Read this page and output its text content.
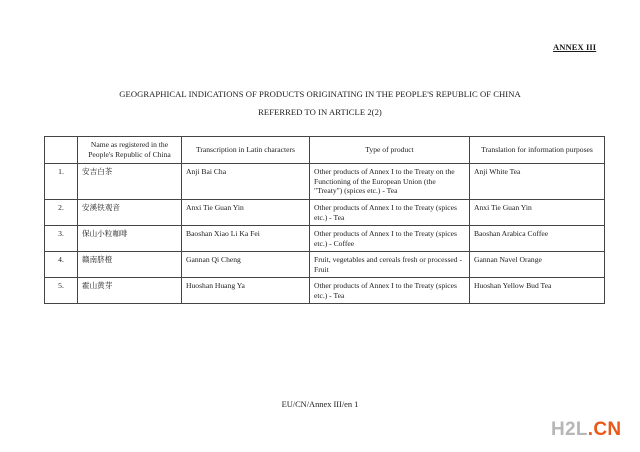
ANNEX III
GEOGRAPHICAL INDICATIONS OF PRODUCTS ORIGINATING IN THE PEOPLE'S REPUBLIC OF CHINA
REFERRED TO IN ARTICLE 2(2)
	Name as registered in the People's Republic of China	Transcription in Latin characters	Type of product	Translation for information purposes
1.	安吉白茶	Anji Bai Cha	Other products of Annex I to the Treaty on the Functioning of the European Union (the "Treaty") (spices etc.) - Tea	Anji White Tea
2.	安溪铁观音	Anxi Tie Guan Yin	Other products of Annex I to the Treaty (spices etc.) - Tea	Anxi Tie Guan Yin
3.	保山小粒咖啡	Baoshan Xiao Li Ka Fei	Other products of Annex I to the Treaty (spices etc.) - Coffee	Baoshan Arabica Coffee
4.	赣南脐橙	Gannan Qi Cheng	Fruit, vegetables and cereals fresh or processed - Fruit	Gannan Navel Orange
5.	霍山黄芽	Huoshan Huang Ya	Other products of Annex I to the Treaty (spices etc.) - Tea	Huoshan Yellow Bud Tea
EU/CN/Annex III/en 1
H2L.CN
